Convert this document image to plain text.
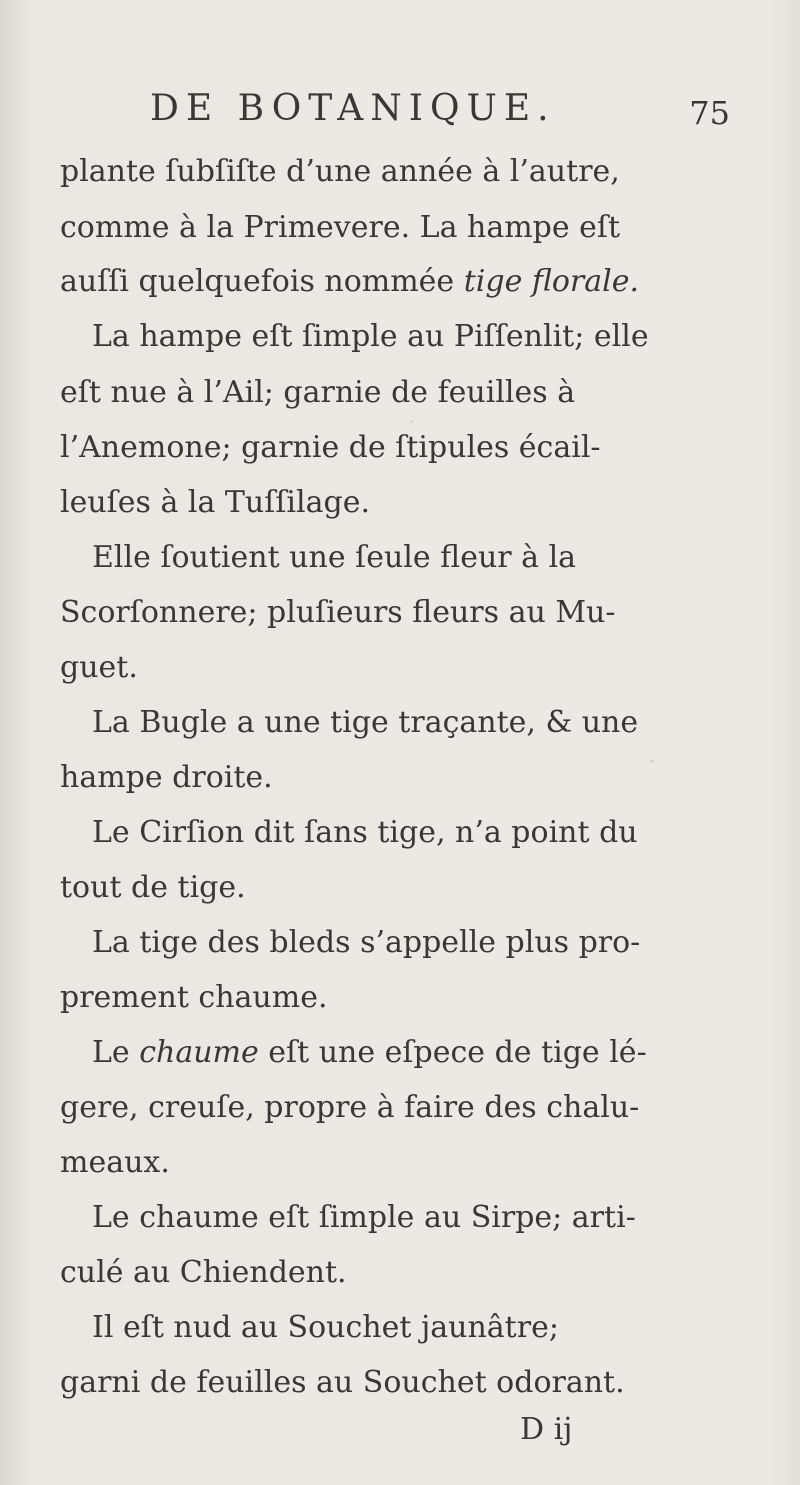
DE BOTANIQUE.	75
plante ſubſiſte d’une année à l’autre,
comme à la Primevere. La hampe eſt
auſſi quelquefois nommée tige florale.
La hampe eſt ſimple au Piſſenlit; elle
eſt nue à l’Ail; garnie de feuilles à
l’Anemone; garnie de ſtipules écail-
leuſes à la Tuſſilage.
Elle ſoutient une ſeule fleur à la
Scorſonnere; pluſieurs fleurs au Mu-
guet.
La Bugle a une tige traçante, & une
hampe droite.
Le Cirſion dit ſans tige, n’a point du
tout de tige.
La tige des bleds s’appelle plus pro-
prement chaume.
Le chaume eſt une eſpece de tige lé-
gere, creuſe, propre à faire des chalu-
meaux.
Le chaume eſt ſimple au Sirpe; arti-
culé au Chiendent.
Il eſt nud au Souchet jaunâtre;
garni de feuilles au Souchet odorant.
D ij
